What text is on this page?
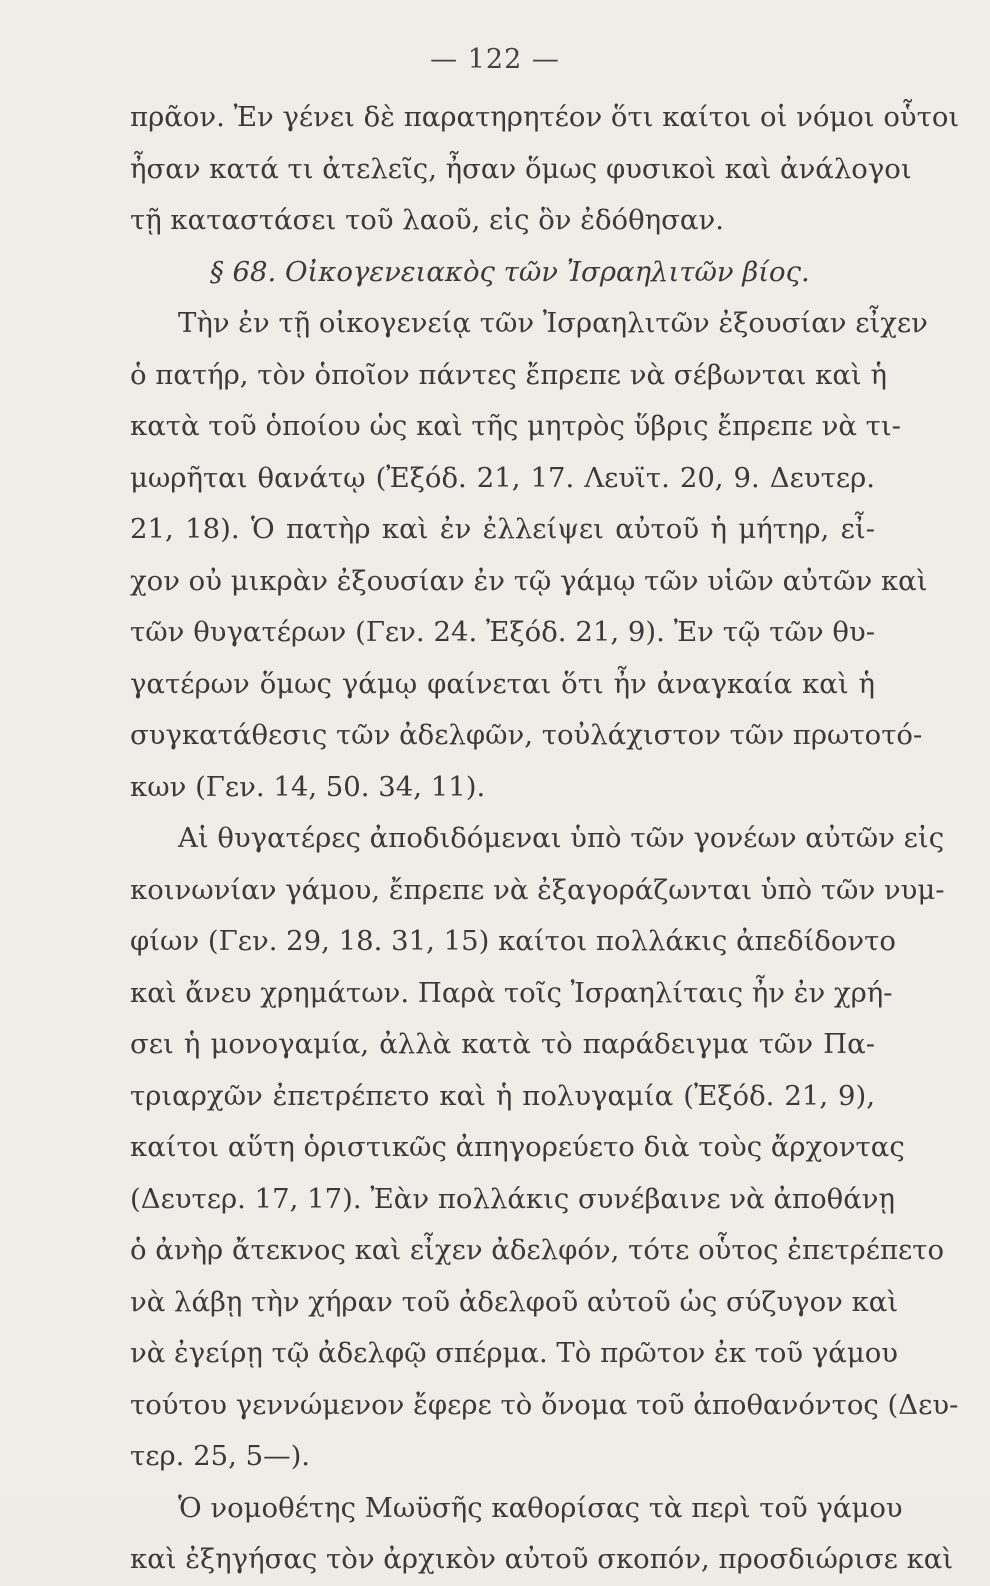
— 122 —
πρᾶον. Ἐν γένει δὲ παρατηρητέον ὅτι καίτοι οἱ νόμοι οὗτοι
ἦσαν κατά τι ἀτελεῖς, ἦσαν ὅμως φυσικοὶ καὶ ἀνάλογοι
τῇ καταστάσει τοῦ λαοῦ, εἰς ὃν ἐδόθησαν.
§ 68. Οἰκογενειακὸς τῶν Ἰσραηλιτῶν βίος.
Τὴν ἐν τῇ οἰκογενείᾳ τῶν Ἰσραηλιτῶν ἐξουσίαν εἶχεν
ὁ πατήρ, τὸν ὁποῖον πάντες ἔπρεπε νὰ σέβωνται καὶ ἡ
κατὰ τοῦ ὁποίου ὡς καὶ τῆς μητρὸς ὕβρις ἔπρεπε νὰ τι-
μωρῆται θανάτῳ (Ἐξόδ. 21, 17. Λευϊτ. 20, 9. Δευτερ.
21, 18). Ὁ πατὴρ καὶ ἐν ἐλλείψει αὐτοῦ ἡ μήτηρ, εἶ-
χον οὐ μικρὰν ἐξουσίαν ἐν τῷ γάμῳ τῶν υἱῶν αὐτῶν καὶ
τῶν θυγατέρων (Γεν. 24. Ἐξόδ. 21, 9). Ἐν τῷ τῶν θυ-
γατέρων ὅμως γάμῳ φαίνεται ὅτι ἦν ἀναγκαία καὶ ἡ
συγκατάθεσις τῶν ἀδελφῶν, τοὐλάχιστον τῶν πρωτοτό-
κων (Γεν. 14, 50. 34, 11).
Αἱ θυγατέρες ἀποδιδόμεναι ὑπὸ τῶν γονέων αὐτῶν εἰς
κοινωνίαν γάμου, ἔπρεπε νὰ ἐξαγοράζωνται ὑπὸ τῶν νυμ-
φίων (Γεν. 29, 18. 31, 15) καίτοι πολλάκις ἀπεδίδοντο
καὶ ἄνευ χρημάτων. Παρὰ τοῖς Ἰσραηλίταις ἦν ἐν χρή-
σει ἡ μονογαμία, ἀλλὰ κατὰ τὸ παράδειγμα τῶν Πα-
τριαρχῶν ἐπετρέπετο καὶ ἡ πολυγαμία (Ἐξόδ. 21, 9),
καίτοι αὕτη ὁριστικῶς ἀπηγορεύετο διὰ τοὺς ἄρχοντας
(Δευτερ. 17, 17). Ἐὰν πολλάκις συνέβαινε νὰ ἀποθάνῃ
ὁ ἀνὴρ ἄτεκνος καὶ εἶχεν ἀδελφόν, τότε οὗτος ἐπετρέπετο
νὰ λάβῃ τὴν χήραν τοῦ ἀδελφοῦ αὐτοῦ ὡς σύζυγον καὶ
νὰ ἐγείρῃ τῷ ἀδελφῷ σπέρμα. Τὸ πρῶτον ἐκ τοῦ γάμου
τούτου γεννώμενον ἔφερε τὸ ὄνομα τοῦ ἀποθανόντος (Δευ-
τερ. 25, 5—).
Ὁ νομοθέτης Μωϋσῆς καθορίσας τὰ περὶ τοῦ γάμου
καὶ ἐξηγήσας τὸν ἀρχικὸν αὐτοῦ σκοπόν, προσδιώρισε καὶ
